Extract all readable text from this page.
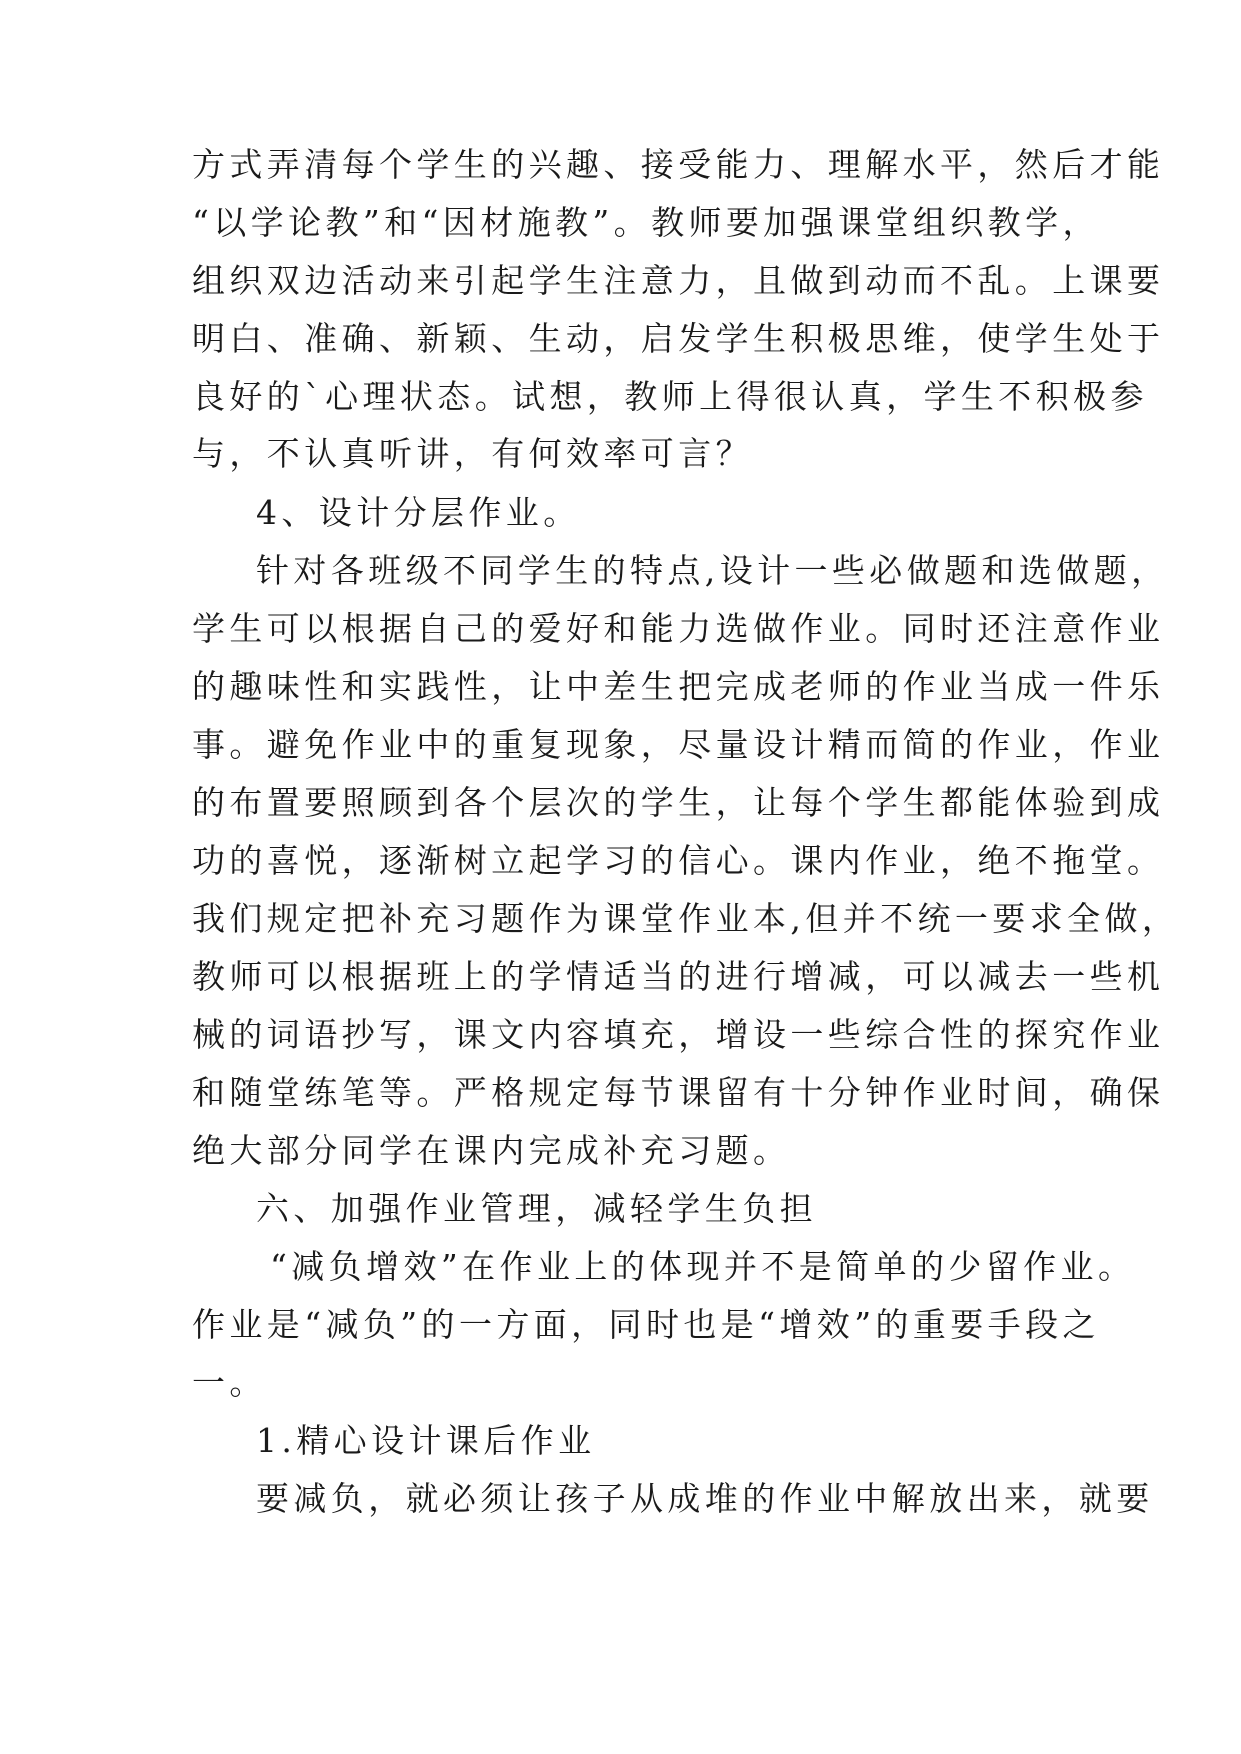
方式弄清每个学生的兴趣、接受能力、理解水平，然后才能
“以学论教”和“因材施教”。教师要加强课堂组织教学，
组织双边活动来引起学生注意力，且做到动而不乱。上课要
明白、准确、新颖、生动，启发学生积极思维，使学生处于
良好的`心理状态。试想，教师上得很认真，学生不积极参
与，不认真听讲，有何效率可言？
4、设计分层作业。
针对各班级不同学生的特点,设计一些必做题和选做题，
学生可以根据自己的爱好和能力选做作业。同时还注意作业
的趣味性和实践性，让中差生把完成老师的作业当成一件乐
事。避免作业中的重复现象，尽量设计精而简的作业，作业
的布置要照顾到各个层次的学生，让每个学生都能体验到成
功的喜悦，逐渐树立起学习的信心。课内作业，绝不拖堂。
我们规定把补充习题作为课堂作业本,但并不统一要求全做，
教师可以根据班上的学情适当的进行增减，可以减去一些机
械的词语抄写，课文内容填充，增设一些综合性的探究作业
和随堂练笔等。严格规定每节课留有十分钟作业时间，确保
绝大部分同学在课内完成补充习题。
六、加强作业管理，减轻学生负担
“减负增效”在作业上的体现并不是简单的少留作业。
作业是“减负”的一方面，同时也是“增效”的重要手段之
一。
1.精心设计课后作业
要减负，就必须让孩子从成堆的作业中解放出来，就要
